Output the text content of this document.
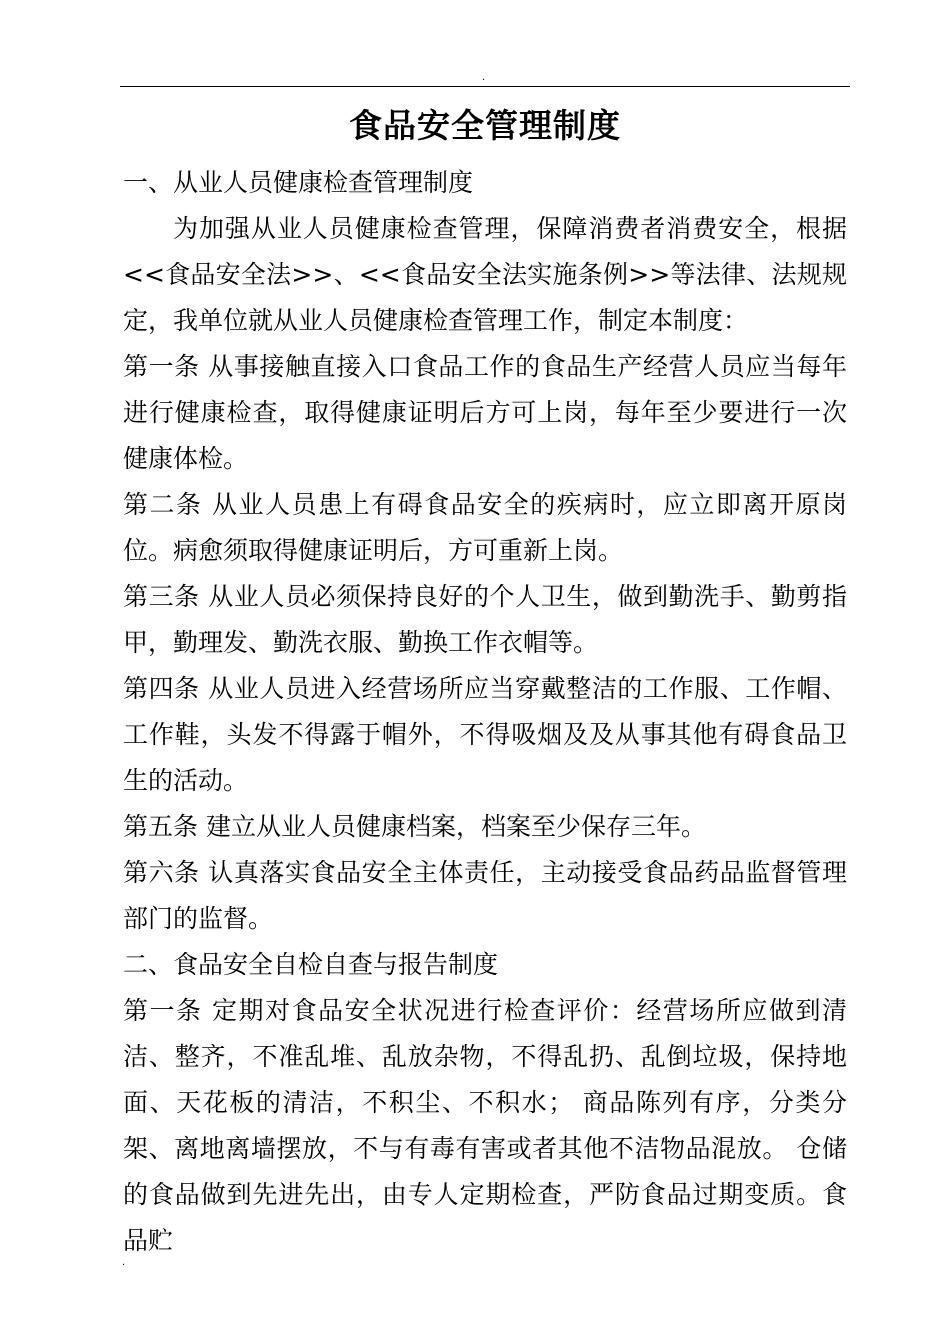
.
食品安全管理制度

一、从业人员健康检查管理制度

为加强从业人员健康检查管理，保障消费者消费安全，根据<<食品安全法>>、<<食品安全法实施条例>>等法律、法规规定，我单位就从业人员健康检查管理工作，制定本制度：

第一条 从事接触直接入口食品工作的食品生产经营人员应当每年进行健康检查，取得健康证明后方可上岗，每年至少要进行一次健康体检。

第二条 从业人员患上有碍食品安全的疾病时，应立即离开原岗位。病愈须取得健康证明后，方可重新上岗。

第三条 从业人员必须保持良好的个人卫生，做到勤洗手、勤剪指甲，勤理发、勤洗衣服、勤换工作衣帽等。

第四条 从业人员进入经营场所应当穿戴整洁的工作服、工作帽、工作鞋，头发不得露于帽外，不得吸烟及及从事其他有碍食品卫生的活动。

第五条 建立从业人员健康档案，档案至少保存三年。

第六条 认真落实食品安全主体责任，主动接受食品药品监督管理部门的监督。

二、食品安全自检自查与报告制度

第一条 定期对食品安全状况进行检查评价：经营场所应做到清洁、整齐，不准乱堆、乱放杂物，不得乱扔、乱倒垃圾，保持地面、天花板的清洁，不积尘、不积水； 商品陈列有序，分类分架、离地离墙摆放，不与有毒有害或者其他不洁物品混放。 仓储的食品做到先进先出，由专人定期检查，严防食品过期变质。食品贮

.
